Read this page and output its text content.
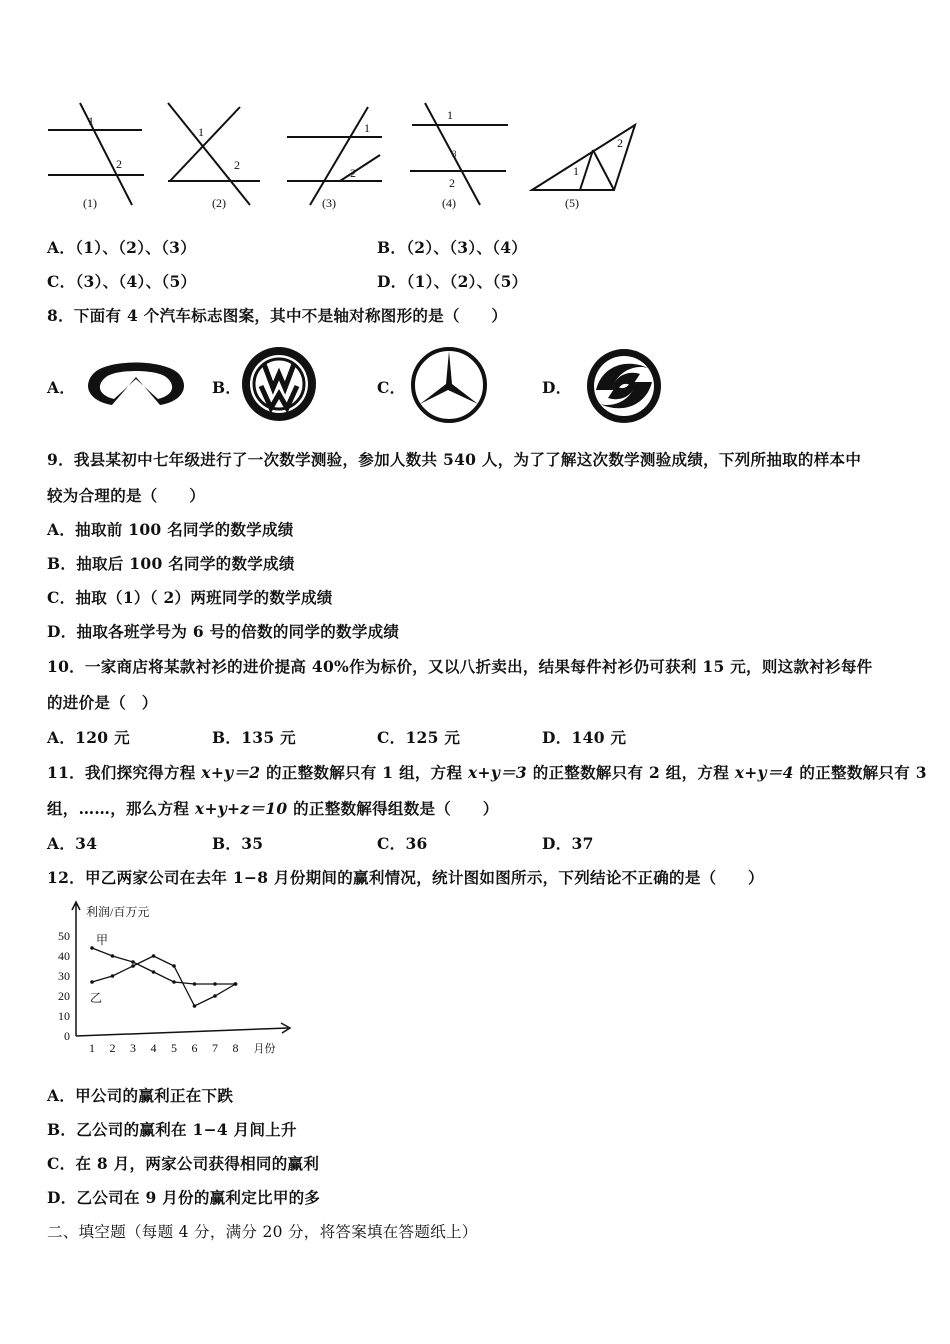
1
2
(1)
1
2
(2)
1
2
(3)
1
3
2
(4)
1
2
(5)
A．（1）、（2）、（3）	B．（2）、（3）、（4）
C．（3）、（4）、（5）	D．（1）、（2）、（5）
8．下面有 4 个汽车标志图案，其中不是轴对称图形的是（　　）
A．	B．	C．	D．
9．我县某初中七年级进行了一次数学测验，参加人数共 540 人，为了了解这次数学测验成绩，下列所抽取的样本中
较为合理的是（　　）
A．抽取前 100 名同学的数学成绩
B．抽取后 100 名同学的数学成绩
C．抽取（1）（ 2）两班同学的数学成绩
D．抽取各班学号为 6 号的倍数的同学的数学成绩
10．一家商店将某款衬衫的进价提高 40%作为标价，又以八折卖出，结果每件衬衫仍可获利 15 元，则这款衬衫每件
的进价是（　）
A．120 元	B．135 元	C．125 元	D．140 元
11．我们探究得方程 x+y＝2 的正整数解只有 1 组，方程 x+y＝3 的正整数解只有 2 组，方程 x+y＝4 的正整数解只有 3
组，……，那么方程 x+y+z＝10 的正整数解得组数是（　　）
A．34	B．35	C．36	D．37
12．甲乙两家公司在去年 1−8 月份期间的赢利情况，统计图如图所示，下列结论不正确的是（　　）
利润/百万元
0
10
20
30
40
50
1 2 3 4 5 6 7 8 月份
甲
乙
A．甲公司的赢利正在下跌
B．乙公司的赢利在 1−4 月间上升
C．在 8 月，两家公司获得相同的赢利
D．乙公司在 9 月份的赢利定比甲的多
二、填空题（每题 4 分，满分 20 分，将答案填在答题纸上）
